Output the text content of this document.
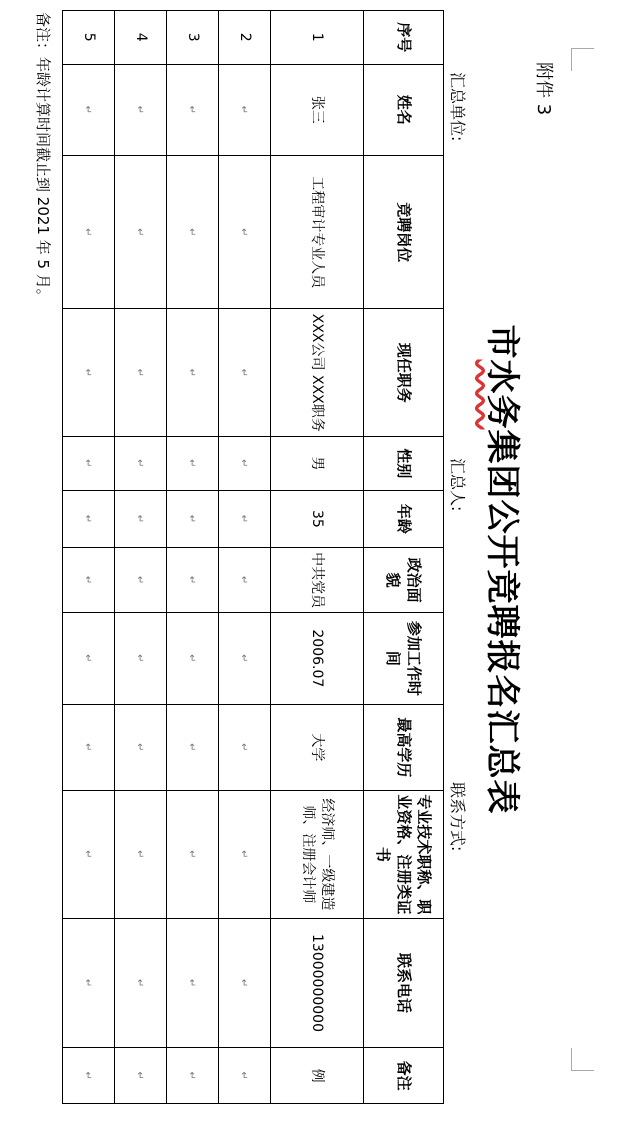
附件 3
市水务集团公开竞聘报名汇总表
汇总单位:
汇总人:
联系方式:
序号	姓名	竞聘岗位	现任职务	性别	年龄	政治面貌	参加工作时间	最高学历	专业技术职称、职业资格、注册类证书	联系电话	备注
1	张三	工程审计专业人员	XXX公司 XXX职务	男	35	中共党员	2006.07	大学	经济师、一级建造师、注册会计师	13000000000	例
2	↵	↵	↵	↵	↵	↵	↵	↵	↵	↵	↵
3	↵	↵	↵	↵	↵	↵	↵	↵	↵	↵	↵
4	↵	↵	↵	↵	↵	↵	↵	↵	↵	↵	↵
5	↵	↵	↵	↵	↵	↵	↵	↵	↵	↵	↵
备注：年龄计算时间截止到 2021 年 5 月。
